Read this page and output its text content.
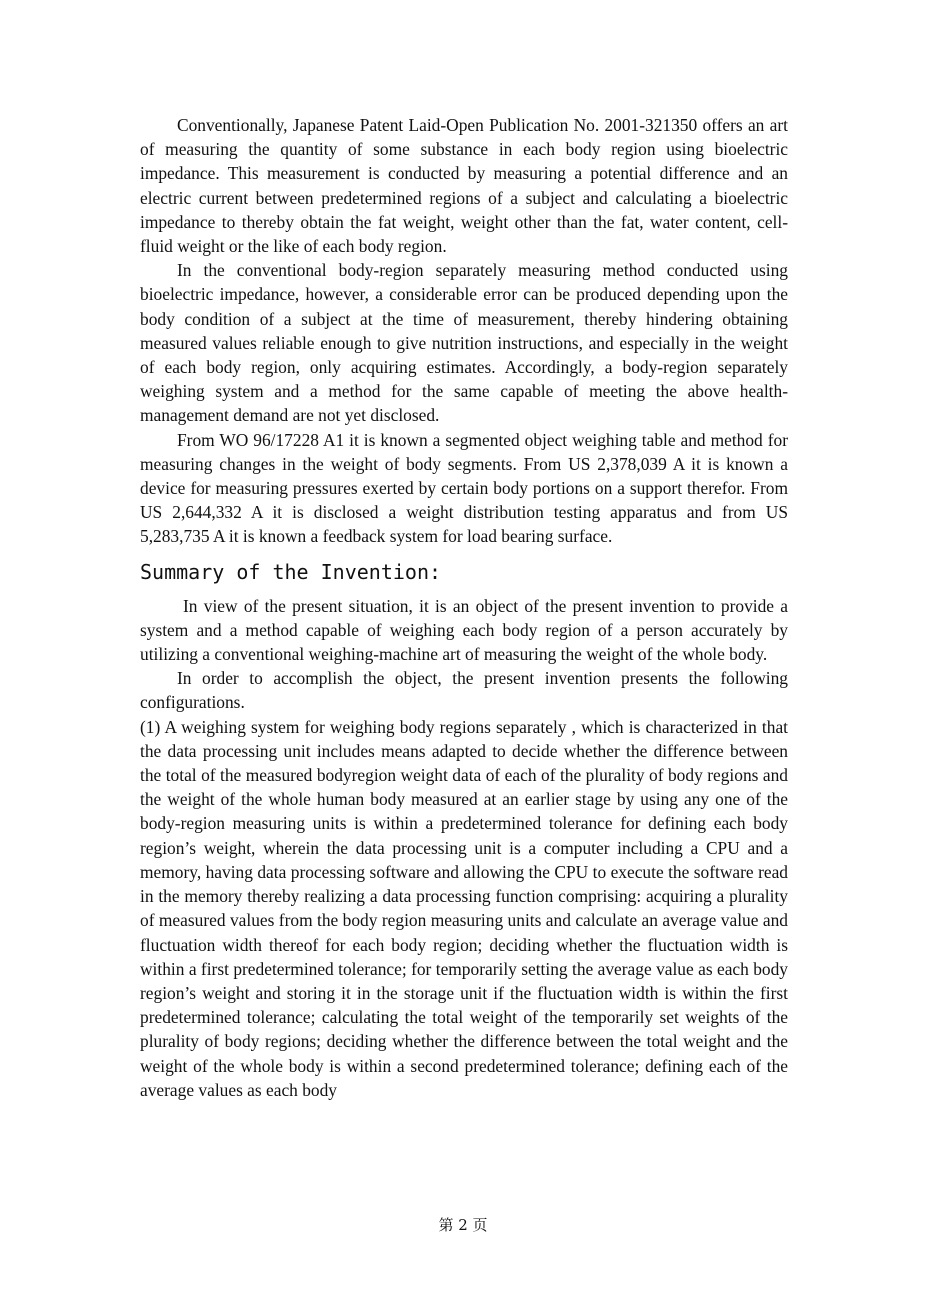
Conventionally, Japanese Patent Laid-Open Publication No. 2001-321350 offers an art of measuring the quantity of some substance in each body region using bioelectric impedance. This measurement is conducted by measuring a potential difference and an electric current between predetermined regions of a subject and calculating a bioelectric impedance to thereby obtain the fat weight, weight other than the fat, water content, cell-fluid weight or the like of each body region.

In the conventional body-region separately measuring method conducted using bioelectric impedance, however, a considerable error can be produced depending upon the body condition of a subject at the time of measurement, thereby hindering obtaining measured values reliable enough to give nutrition instructions, and especially in the weight of each body region, only acquiring estimates. Accordingly, a body-region separately weighing system and a method for the same capable of meeting the above health-management demand are not yet disclosed.

From WO 96/17228 A1 it is known a segmented object weighing table and method for measuring changes in the weight of body segments. From US 2,378,039 A it is known a device for measuring pressures exerted by certain body portions on a support therefor. From US 2,644,332 A it is disclosed a weight distribution testing apparatus and from US 5,283,735 A it is known a feedback system for load bearing surface.

Summary of the Invention:

In view of the present situation, it is an object of the present invention to provide a system and a method capable of weighing each body region of a person accurately by utilizing a conventional weighing-machine art of measuring the weight of the whole body.

In order to accomplish the object, the present invention presents the following configurations.

(1) A weighing system for weighing body regions separately , which is characterized in that the data processing unit includes means adapted to decide whether the difference between the total of the measured bodyregion weight data of each of the plurality of body regions and the weight of the whole human body measured at an earlier stage by using any one of the body-region measuring units is within a predetermined tolerance for defining each body region’s weight, wherein the data processing unit is a computer including a CPU and a memory, having data processing software and allowing the CPU to execute the software read in the memory thereby realizing a data processing function comprising: acquiring a plurality of measured values from the body region measuring units and calculate an average value and fluctuation width thereof for each body region; deciding whether the fluctuation width is within a first predetermined tolerance; for temporarily setting the average value as each body region’s weight and storing it in the storage unit if the fluctuation width is within the first predetermined tolerance; calculating the total weight of the temporarily set weights of the plurality of body regions; deciding whether the difference between the total weight and the weight of the whole body is within a second predetermined tolerance; defining each of the average values as each body

第 2 页
